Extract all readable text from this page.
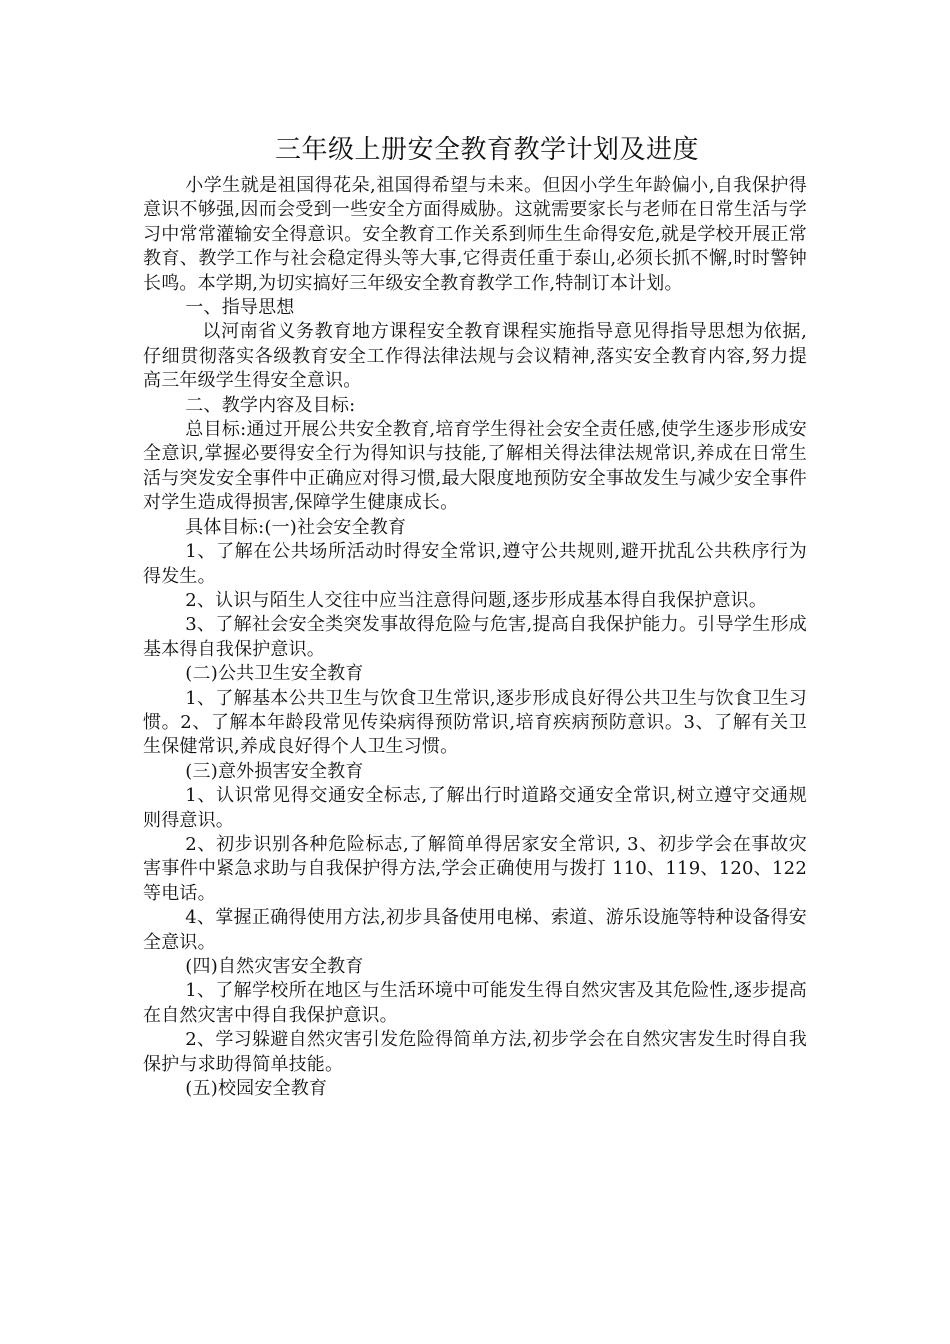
三年级上册安全教育教学计划及进度

小学生就是祖国得花朵,祖国得希望与未来。但因小学生年龄偏小,自我保护得意识不够强,因而会受到一些安全方面得威胁。这就需要家长与老师在日常生活与学习中常常灌输安全得意识。安全教育工作关系到师生生命得安危,就是学校开展正常教育、教学工作与社会稳定得头等大事,它得责任重于泰山,必须长抓不懈,时时警钟长鸣。本学期,为切实搞好三年级安全教育教学工作,特制订本计划。

一、指导思想

以河南省义务教育地方课程安全教育课程实施指导意见得指导思想为依据,仔细贯彻落实各级教育安全工作得法律法规与会议精神,落实安全教育内容,努力提高三年级学生得安全意识。

二、教学内容及目标:

总目标:通过开展公共安全教育,培育学生得社会安全责任感,使学生逐步形成安全意识,掌握必要得安全行为得知识与技能,了解相关得法律法规常识,养成在日常生活与突发安全事件中正确应对得习惯,最大限度地预防安全事故发生与减少安全事件对学生造成得损害,保障学生健康成长。

具体目标:(一)社会安全教育

1、了解在公共场所活动时得安全常识,遵守公共规则,避开扰乱公共秩序行为得发生。

2、认识与陌生人交往中应当注意得问题,逐步形成基本得自我保护意识。

3、了解社会安全类突发事故得危险与危害,提高自我保护能力。引导学生形成基本得自我保护意识。

(二)公共卫生安全教育

1、了解基本公共卫生与饮食卫生常识,逐步形成良好得公共卫生与饮食卫生习惯。2、了解本年龄段常见传染病得预防常识,培育疾病预防意识。3、了解有关卫生保健常识,养成良好得个人卫生习惯。

(三)意外损害安全教育

1、认识常见得交通安全标志,了解出行时道路交通安全常识,树立遵守交通规则得意识。

2、初步识别各种危险标志,了解简单得居家安全常识, 3、初步学会在事故灾害事件中紧急求助与自我保护得方法,学会正确使用与拨打 110、119、120、122 等电话。

4、掌握正确得使用方法,初步具备使用电梯、索道、游乐设施等特种设备得安全意识。

(四)自然灾害安全教育

1、了解学校所在地区与生活环境中可能发生得自然灾害及其危险性,逐步提高在自然灾害中得自我保护意识。

2、学习躲避自然灾害引发危险得简单方法,初步学会在自然灾害发生时得自我保护与求助得简单技能。

(五)校园安全教育
